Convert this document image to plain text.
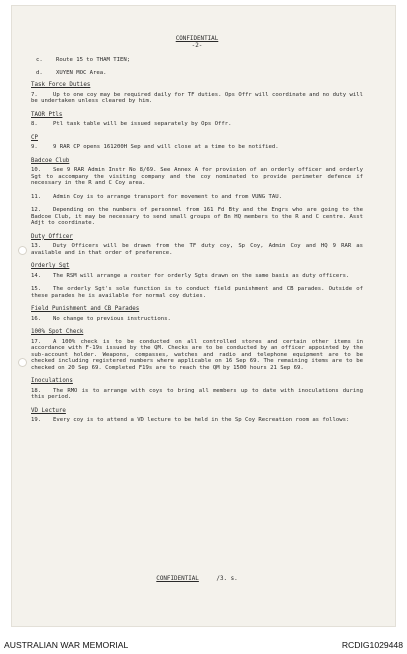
CONFIDENTIAL

-2-

c. Route 15 to THAM TIEN;

d. XUYEN MOC Area.

Task Force Duties

7.	Up to one coy may be required daily for TF duties. Ops Offr will coordinate and no duty will be undertaken unless cleared by him.

TAOR Ptls

8.	Ptl task table will be issued separately by Ops Offr.

CP

9.	9 RAR CP opens 161200H Sep and will close at a time to be notified.

Badcoe Club

10. See 9 RAR Admin Instr No 8/69. See Annex A for provision of an orderly officer and orderly Sgt to accompany the visiting company and the coy nominated to provide perimeter defence if necessary in the R and C Coy area.

11. Admin Coy is to arrange transport for movement to and from VUNG TAU.

12. Depending on the numbers of personnel from 161 Fd Bty and the Engrs who are going to the Badcoe Club, it may be necessary to send small groups of Bn HQ members to the R and C centre. Asst Adjt to coordinate.

Duty Officer

13. Duty Officers will be drawn from the TF duty coy, Sp Coy, Admin Coy and HQ 9 RAR as available and in that order of preference.

Orderly Sgt

14. The RSM will arrange a roster for orderly Sgts drawn on the same basis as duty officers.

15. The orderly Sgt's sole function is to conduct field punishment and CB parades. Outside of these parades he is available for normal coy duties.

Field Punishment and CB Parades

16. No change to previous instructions.

100% Spot Check

17. A 100% check is to be conducted on all controlled stores and certain other items in accordance with F-19s issued by the QM. Checks are to be conducted by an officer appointed by the sub-account holder. Weapons, compasses, watches and radio and telephone equipment are to be checked including registered numbers where applicable on 16 Sep 69. The remaining items are to be checked on 20 Sep 69. Completed F19s are to reach the QM by 1500 hours 21 Sep 69.

Inoculations

18. The RMO is to arrange with coys to bring all members up to date with inoculations during this period.

VD Lecture

19. Every coy is to attend a VD lecture to be held in the Sp Coy Recreation room as follows:

CONFIDENTIAL	/3. s.
AUSTRALIAN WAR MEMORIAL	RCDIG1029448
